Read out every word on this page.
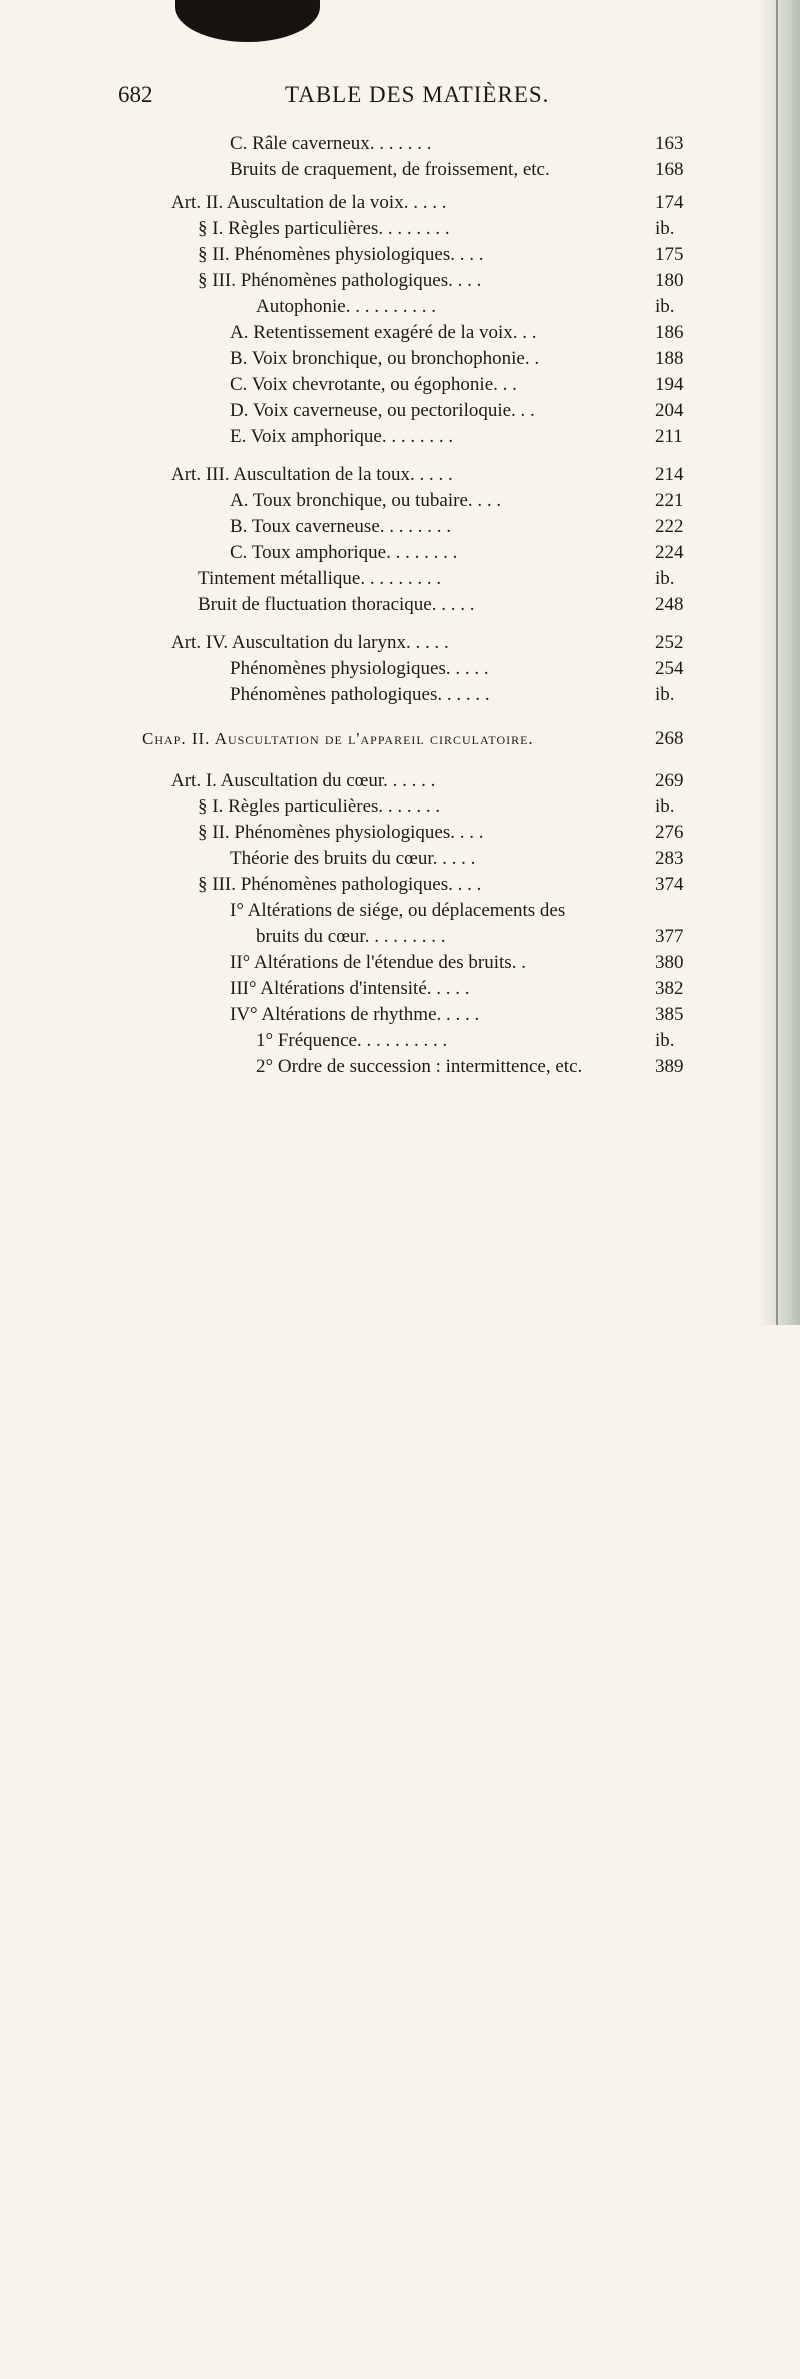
682	TABLE DES MATIÈRES.
C. Râle caverneux. . . . . . .	163
Bruits de craquement, de froissement, etc.	168
Art. II. Auscultation de la voix. . . . .	174
§ I. Règles particulières. . . . . . . .	ib.
§ II. Phénomènes physiologiques. . . .	175
§ III. Phénomènes pathologiques. . . .	180
Autophonie. . . . . . . . . .	ib.
A. Retentissement exagéré de la voix. . .	186
B. Voix bronchique, ou bronchophonie. .	188
C. Voix chevrotante, ou égophonie. . .	194
D. Voix caverneuse, ou pectoriloquie. . .	204
E. Voix amphorique. . . . . . . .	211
Art. III. Auscultation de la toux. . . . .	214
A. Toux bronchique, ou tubaire. . . .	221
B. Toux caverneuse. . . . . . . .	222
C. Toux amphorique. . . . . . . .	224
Tintement métallique. . . . . . . . .	ib.
Bruit de fluctuation thoracique. . . . .	248
Art. IV. Auscultation du larynx. . . . .	252
Phénomènes physiologiques. . . . .	254
Phénomènes pathologiques. . . . . .	ib.
Chap. II. Auscultation de l'appareil circulatoire.	268
Art. I. Auscultation du cœur. . . . . .	269
§ I. Règles particulières. . . . . . .	ib.
§ II. Phénomènes physiologiques. . . .	276
Théorie des bruits du cœur. . . . .	283
§ III. Phénomènes pathologiques. . . .	374
I° Altérations de siége, ou déplacements des
bruits du cœur. . . . . . . . .	377
II° Altérations de l'étendue des bruits. .	380
III° Altérations d'intensité. . . . .	382
IV° Altérations de rhythme. . . . .	385
1° Fréquence. . . . . . . . . .	ib.
2° Ordre de succession : intermittence, etc.	389
